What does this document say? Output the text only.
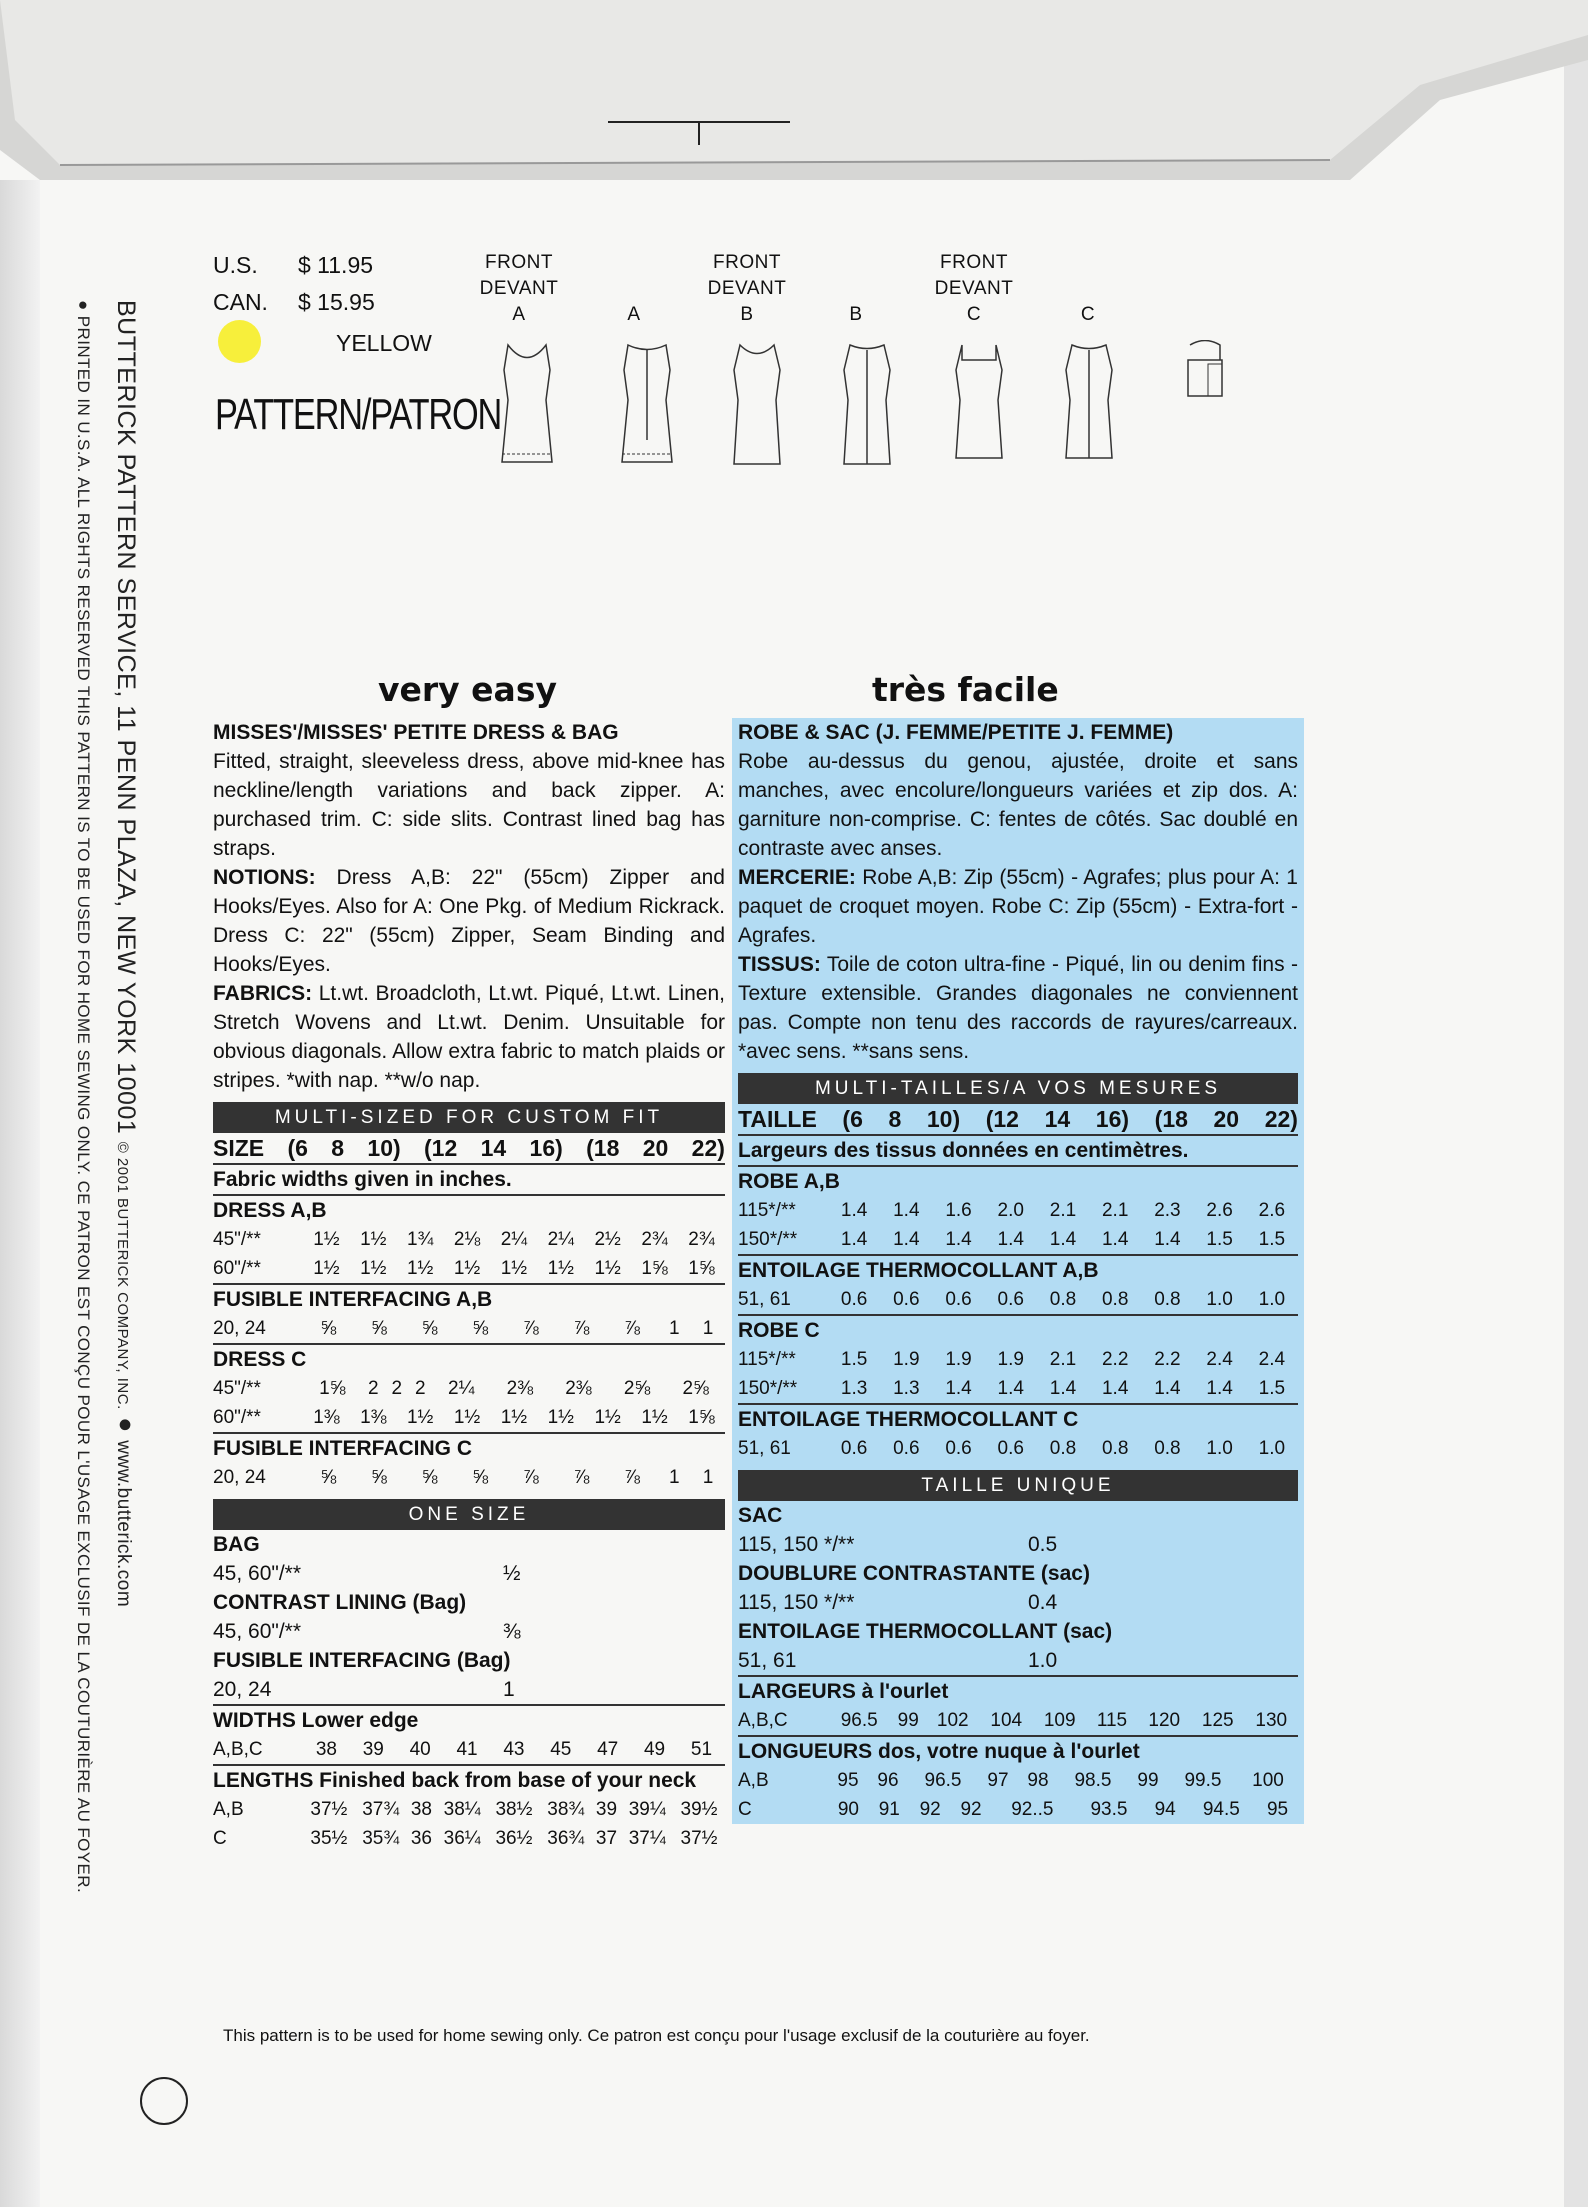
BUTTERICK PATTERN SERVICE, 11 PENN PLAZA, NEW YORK 10001 © 2001 BUTTERICK COMPANY, INC. ● www.butterick.com
● PRINTED IN U.S.A. ALL RIGHTS RESERVED THIS PATTERN IS TO BE USED FOR HOME SEWING ONLY. CE PATRON EST CONÇU POUR L'USAGE EXCLUSIF DE LA COUTURIÈRE AU FOYER.
U.S.	$ 11.95
CAN.	$ 15.95
YELLOW
PATTERN/PATRON
FRONT
DEVANT
A	A
FRONT
DEVANT
B	B
FRONT
DEVANT
C	C
very easy	très facile
MISSES'/MISSES' PETITE DRESS & BAG

Fitted, straight, sleeveless dress, above mid-knee has neckline/length variations and back zipper. A: purchased trim. C: side slits. Contrast lined bag has straps.

NOTIONS: Dress A,B: 22" (55cm) Zipper and Hooks/Eyes. Also for A: One Pkg. of Medium Rickrack. Dress C: 22" (55cm) Zipper, Seam Binding and Hooks/Eyes.

FABRICS: Lt.wt. Broadcloth, Lt.wt. Piqué, Lt.wt. Linen, Stretch Wovens and Lt.wt. Denim. Unsuitable for obvious diagonals. Allow extra fabric to match plaids or stripes. *with nap. **w/o nap.

MULTI-SIZED FOR CUSTOM FIT
SIZE (6 8 10) (12 14 16) (18 20 22)
Fabric widths given in inches.
DRESS A,B
45"/**	1½	1½	1¾	2⅛	2¼	2¼	2½	2¾	2¾
60"/**	1½	1½	1½	1½	1½	1½	1½	1⅝	1⅝
FUSIBLE INTERFACING A,B
20, 24	⅝	⅝	⅝	⅝	⅞	⅞	⅞	1	1
DRESS C
45"/**	1⅝	2	2	2	2¼	2⅜	2⅜	2⅝	2⅝
60"/**	1⅜	1⅜	1½	1½	1½	1½	1½	1½	1⅝
FUSIBLE INTERFACING C
20, 24	⅝	⅝	⅝	⅝	⅞	⅞	⅞	1	1
ONE SIZE
BAG
45, 60"/**	½
CONTRAST LINING (Bag)
45, 60"/**	⅜
FUSIBLE INTERFACING (Bag)
20, 24	1
WIDTHS Lower edge
A,B,C	38	39	40	41	43	45	47	49	51
LENGTHS Finished back from base of your neck
A,B	37½	37¾	38	38¼	38½	38¾	39	39¼	39½
C	35½	35¾	36	36¼	36½	36¾	37	37¼	37½
ROBE & SAC (J. FEMME/PETITE J. FEMME)

Robe au-dessus du genou, ajustée, droite et sans manches, avec encolure/longueurs variées et zip dos. A: garniture non-comprise. C: fentes de côtés. Sac doublé en contraste avec anses.

MERCERIE: Robe A,B: Zip (55cm) - Agrafes; plus pour A: 1 paquet de croquet moyen. Robe C: Zip (55cm) - Extra-fort - Agrafes.

TISSUS: Toile de coton ultra-fine - Piqué, lin ou denim fins - Texture extensible. Grandes diagonales ne conviennent pas. Compte non tenu des raccords de rayures/carreaux. *avec sens. **sans sens.

MULTI-TAILLES/A VOS MESURES
TAILLE (6 8 10) (12 14 16) (18 20 22)
Largeurs des tissus données en centimètres.
ROBE A,B
115*/**	1.4	1.4	1.6	2.0	2.1	2.1	2.3	2.6	2.6
150*/**	1.4	1.4	1.4	1.4	1.4	1.4	1.4	1.5	1.5
ENTOILAGE THERMOCOLLANT A,B
51, 61	0.6	0.6	0.6	0.6	0.8	0.8	0.8	1.0	1.0
ROBE C
115*/**	1.5	1.9	1.9	1.9	2.1	2.2	2.2	2.4	2.4
150*/**	1.3	1.3	1.4	1.4	1.4	1.4	1.4	1.4	1.5
ENTOILAGE THERMOCOLLANT C
51, 61	0.6	0.6	0.6	0.6	0.8	0.8	0.8	1.0	1.0
TAILLE UNIQUE
SAC
115, 150 */**	0.5
DOUBLURE CONTRASTANTE (sac)
115, 150 */**	0.4
ENTOILAGE THERMOCOLLANT (sac)
51, 61	1.0
LARGEURS à l'ourlet
A,B,C	96.5	99	102	104	109	115	120	125	130
LONGUEURS dos, votre nuque à l'ourlet
A,B	95	96	96.5	97	98	98.5	99	99.5	100
C	90	91	92	92	92..5	93.5	94	94.5	95
This pattern is to be used for home sewing only. Ce patron est conçu pour l'usage exclusif de la couturière au foyer.
